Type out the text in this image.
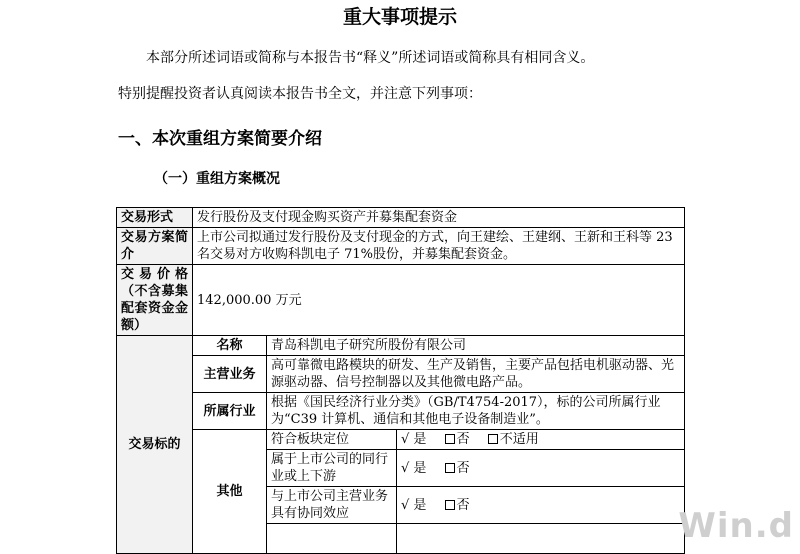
重大事项提示
本部分所述词语或简称与本报告书“释义”所述词语或简称具有相同含义。
特别提醒投资者认真阅读本报告书全文，并注意下列事项：
一、本次重组方案简要介绍
（一）重组方案概况
交易形式	发行股份及支付现金购买资产并募集配套资金		
交易方案简介	上市公司拟通过发行股份及支付现金的方式，向王建绘、王建纲、王新和王科等 23 名交易对方收购科凯电子 71%股份，并募集配套资金。		
交易价格（不含募集配套资金金额）	142,000.00 万元		
交易标的	名称	青岛科凯电子研究所股份有限公司	
	主营业务	高可靠微电路模块的研发、生产及销售，主要产品包括电机驱动器、光源驱动器、信号控制器以及其他微电路产品。	
	所属行业	根据《国民经济行业分类》（GB/T4754-2017），标的公司所属行业为“C39 计算机、通信和其他电子设备制造业”。	
	其他	符合板块定位	√ 是 否 不适用
		属于上市公司的同行业或上下游	√ 是 否
		与上市公司主营业务具有协同效应	√ 是 否

Win.d
